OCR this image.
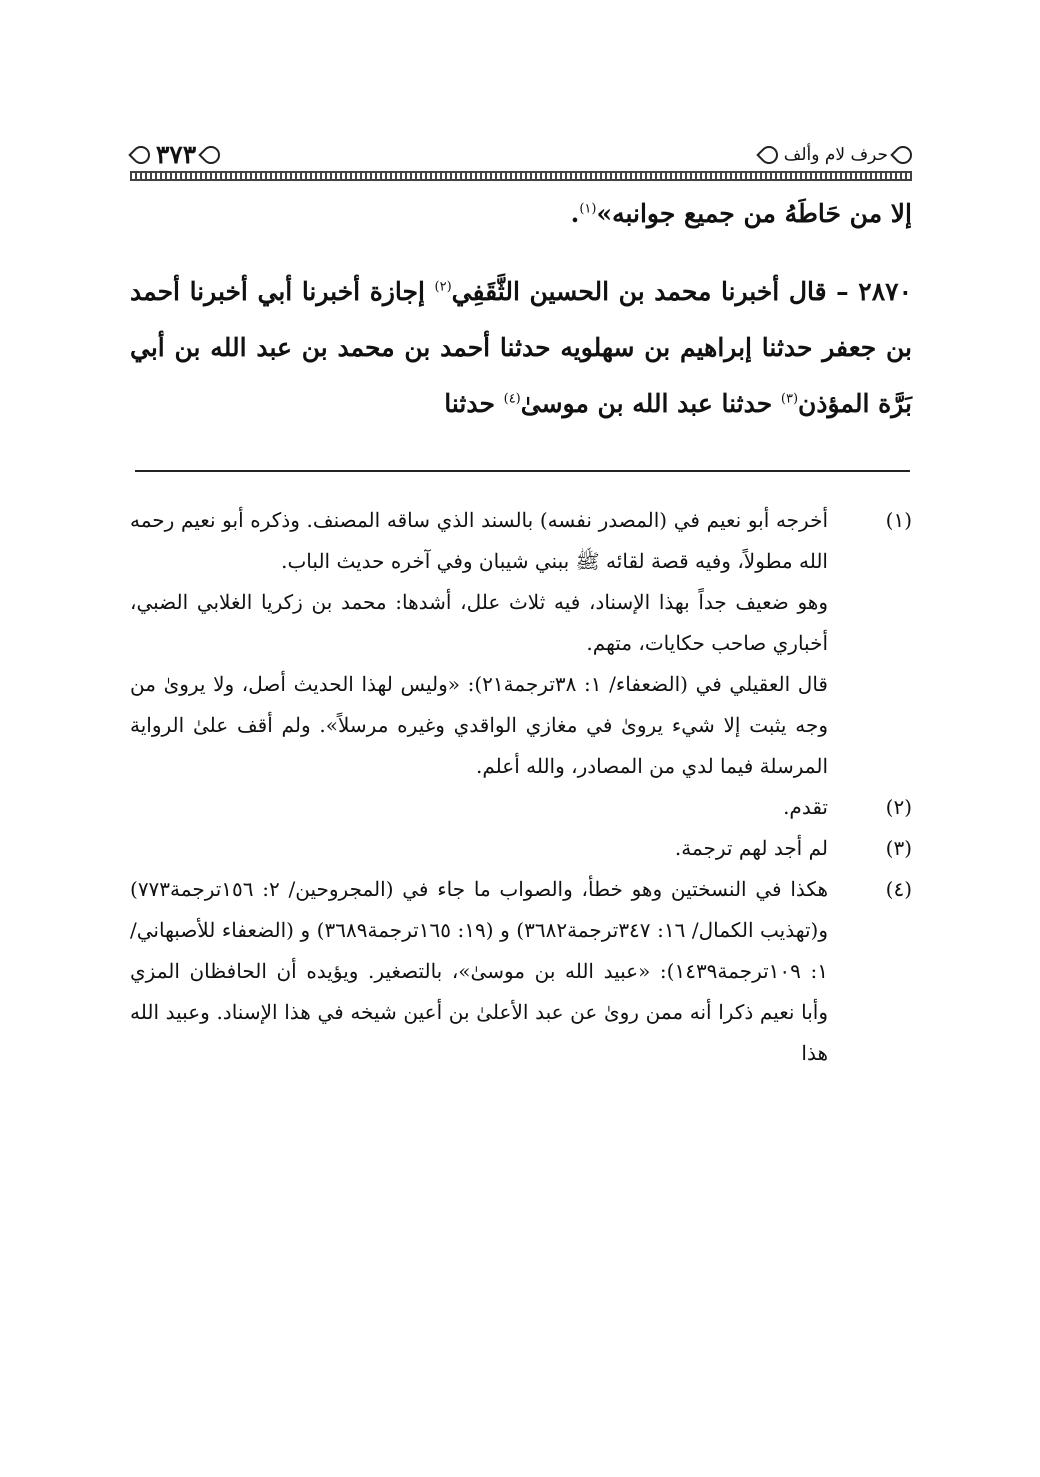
حرف لام وألف
٣٧٣

إلا من حَاطَهُ من جميع جوانبه»$^{(١)}$.

٢٨٧٠ – قال أخبرنا محمد بن الحسين الثَّقَفِي$^{(٢)}$ إجازة أخبرنا أبي أخبرنا أحمد بن جعفر حدثنا إبراهيم بن سهلويه حدثنا أحمد بن محمد بن عبد الله بن أبي بَرَّة المؤذن$^{(٣)}$ حدثنا عبد الله بن موسىٰ$^{(٤)}$ حدثنا

(١)

أخرجه أبو نعيم في (المصدر نفسه) بالسند الذي ساقه المصنف. وذكره أبو نعيم رحمه الله مطولاً، وفيه قصة لقائه ﷺ ببني شيبان وفي آخره حديث الباب.

وهو ضعيف جداً بهذا الإسناد، فيه ثلاث علل، أشدها: محمد بن زكريا الغلابي الضبي، أخباري صاحب حكايات، متهم.

قال العقيلي في (الضعفاء/ ١: ٣٨ترجمة٢١): «وليس لهذا الحديث أصل، ولا يروىٰ من وجه يثبت إلا شيء يروىٰ في مغازي الواقدي وغيره مرسلاً». ولم أقف علىٰ الرواية المرسلة فيما لدي من المصادر، والله أعلم.

(٢)

تقدم.

(٣)

لم أجد لهم ترجمة.

(٤)

هكذا في النسختين وهو خطأ، والصواب ما جاء في (المجروحين/ ٢: ١٥٦ترجمة٧٧٣) و(تهذيب الكمال/ ١٦: ٣٤٧ترجمة٣٦٨٢) و (١٩: ١٦٥ترجمة٣٦٨٩) و (الضعفاء للأصبهاني/ ١: ١٠٩ترجمة١٤٣٩): «عبيد الله بن موسىٰ»، بالتصغير. ويؤيده أن الحافظان المزي وأبا نعيم ذكرا أنه ممن روىٰ عن عبد الأعلىٰ بن أعين شيخه في هذا الإسناد. وعبيد الله هذا
